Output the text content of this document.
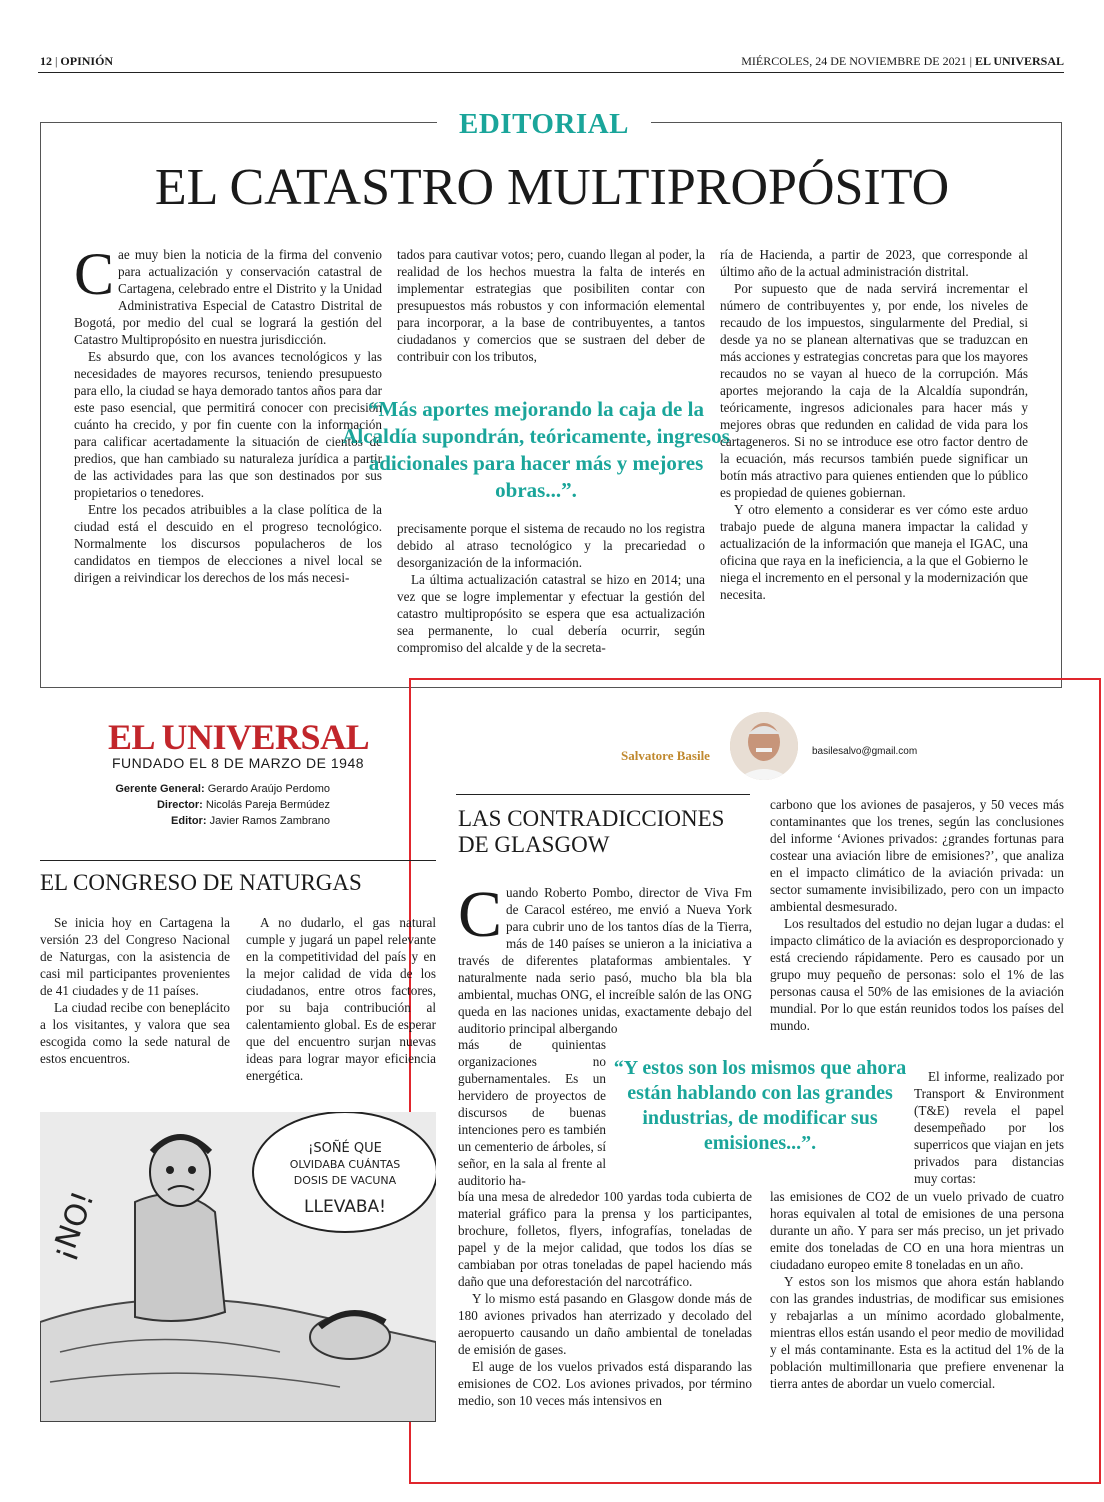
12 | OPINIÓN	MIÉRCOLES, 24 DE NOVIEMBRE DE 2021 | EL UNIVERSAL
EDITORIAL
EL CATASTRO MULTIPROPÓSITO

Cae muy bien la noticia de la firma del convenio para actualización y conservación catastral de Cartagena, celebrado entre el Distrito y la Unidad Administrativa Especial de Catastro Distrital de Bogotá, por medio del cual se logrará la gestión del Catastro Multipropósito en nuestra jurisdicción.

Es absurdo que, con los avances tecnológicos y las necesidades de mayores recursos, teniendo presupuesto para ello, la ciudad se haya demorado tantos años para dar este paso esencial, que permitirá conocer con precisión cuánto ha crecido, y por fin cuente con la información para calificar acertadamente la situación de cientos de predios, que han cambiado su naturaleza jurídica a partir de las actividades para las que son destinados por sus propietarios o tenedores.

Entre los pecados atribuibles a la clase política de la ciudad está el descuido en el progreso tecnológico. Normalmente los discursos populacheros de los candidatos en tiempos de elecciones a nivel local se dirigen a reivindicar los derechos de los más necesi-

tados para cautivar votos; pero, cuando llegan al poder, la realidad de los hechos muestra la falta de interés en implementar estrategias que posibiliten contar con presupuestos más robustos y con información elemental para incorporar, a la base de contribuyentes, a tantos ciudadanos y comercios que se sustraen del deber de contribuir con los tributos,

“Más aportes mejorando la caja de la Alcaldía supondrán, teóricamente, ingresos adicionales para hacer más y mejores obras...”.

precisamente porque el sistema de recaudo no los registra debido al atraso tecnológico y la precariedad o desorganización de la información.

La última actualización catastral se hizo en 2014; una vez que se logre implementar y efectuar la gestión del catastro multipropósito se espera que esa actualización sea permanente, lo cual debería ocurrir, según compromiso del alcalde y de la secreta-

ría de Hacienda, a partir de 2023, que corresponde al último año de la actual administración distrital.

Por supuesto que de nada servirá incrementar el número de contribuyentes y, por ende, los niveles de recaudo de los impuestos, singularmente del Predial, si desde ya no se planean alternativas que se traduzcan en más acciones y estrategias concretas para que los mayores recaudos no se vayan al hueco de la corrupción. Más aportes mejorando la caja de la Alcaldía supondrán, teóricamente, ingresos adicionales para hacer más y mejores obras que redunden en calidad de vida para los cartageneros. Si no se introduce ese otro factor dentro de la ecuación, más recursos también puede significar un botín más atractivo para quienes entienden que lo público es propiedad de quienes gobiernan.

Y otro elemento a considerar es ver cómo este arduo trabajo puede de alguna manera impactar la calidad y actualización de la información que maneja el IGAC, una oficina que raya en la ineficiencia, a la que el Gobierno le niega el incremento en el personal y la modernización que necesita.

EL UNIVERSAL
FUNDADO EL 8 DE MARZO DE 1948
Gerente General: Gerardo Araújo Perdomo
Director: Nicolás Pareja Bermúdez
Editor: Javier Ramos Zambrano
EL CONGRESO DE NATURGAS

Se inicia hoy en Cartagena la versión 23 del Congreso Nacional de Naturgas, con la asistencia de casi mil participantes provenientes de 41 ciudades y de 11 países.

La ciudad recibe con beneplácito a los visitantes, y valora que sea escogida como la sede natural de estos encuentros.

A no dudarlo, el gas natural cumple y jugará un papel relevante en la competitividad del país y en la mejor calidad de vida de los ciudadanos, entre otros factores, por su baja contribución al calentamiento global. Es de esperar que del encuentro surjan nuevas ideas para lograr mayor eficiencia energética.

¡SOÑÉ QUE
OLVIDABA CUÁNTAS
DOSIS DE VACUNA
LLEVABA!
¡NO!
Salvatore Basile	basilesalvo@gmail.com
LAS CONTRADICCIONES DE GLASGOW

Cuando Roberto Pombo, director de Viva Fm de Caracol estéreo, me envió a Nueva York para cubrir uno de los tantos días de la Tierra, más de 140 países se unieron a la iniciativa a través de diferentes plataformas ambientales. Y naturalmente nada serio pasó, mucho bla bla bla ambiental, muchas ONG, el increíble salón de las ONG queda en las naciones unidas, exactamente debajo del auditorio principal albergando

más de quinientas organizaciones no gubernamentales. Es un hervidero de proyectos de discursos de buenas intenciones pero es también un cementerio de árboles, sí señor, en la sala al frente al auditorio ha-

bía una mesa de alrededor 100 yardas toda cubierta de material gráfico para la prensa y los participantes, brochure, folletos, flyers, infografías, toneladas de papel y de la mejor calidad, que todos los días se cambiaban por otras toneladas de papel haciendo más daño que una deforestación del narcotráfico.

Y lo mismo está pasando en Glasgow donde más de 180 aviones privados han aterrizado y decolado del aeropuerto causando un daño ambiental de toneladas de emisión de gases.

El auge de los vuelos privados está disparando las emisiones de CO2. Los aviones privados, por término medio, son 10 veces más intensivos en

carbono que los aviones de pasajeros, y 50 veces más contaminantes que los trenes, según las conclusiones del informe ‘Aviones privados: ¿grandes fortunas para costear una aviación libre de emisiones?’, que analiza en el impacto climático de la aviación privada: un sector sumamente invisibilizado, pero con un impacto ambiental desmesurado.

Los resultados del estudio no dejan lugar a dudas: el impacto climático de la aviación es desproporcionado y está creciendo rápidamente. Pero es causado por un grupo muy pequeño de personas: solo el 1% de las personas causa el 50% de las emisiones de la aviación mundial. Por lo que están reunidos todos los países del mundo.

El informe, realizado por Transport & Environment (T&E) revela el papel desempeñado por los superricos que viajan en jets privados para distancias muy cortas:

“Y estos son los mismos que ahora están hablando con las grandes industrias, de modificar sus emisiones...”.

las emisiones de CO2 de un vuelo privado de cuatro horas equivalen al total de emisiones de una persona durante un año. Y para ser más preciso, un jet privado emite dos toneladas de CO en una hora mientras un ciudadano europeo emite 8 toneladas en un año.

Y estos son los mismos que ahora están hablando con las grandes industrias, de modificar sus emisiones y rebajarlas a un mínimo acordado globalmente, mientras ellos están usando el peor medio de movilidad y el más contaminante. Esta es la actitud del 1% de la población multimillonaria que prefiere envenenar la tierra antes de abordar un vuelo comercial.
